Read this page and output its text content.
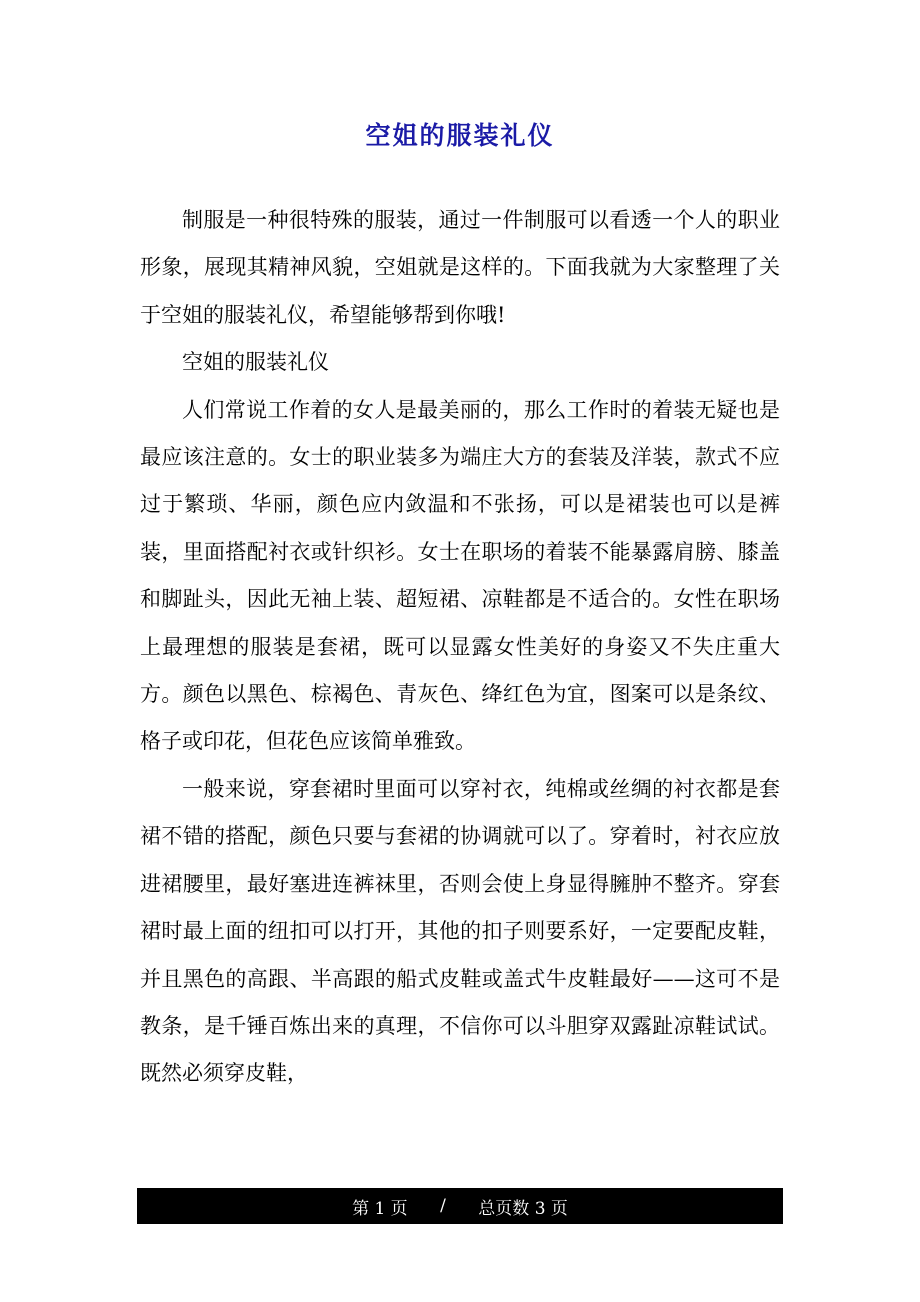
空姐的服装礼仪

制服是一种很特殊的服装，通过一件制服可以看透一个人的职业形象，展现其精神风貌，空姐就是这样的。下面我就为大家整理了关于空姐的服装礼仪，希望能够帮到你哦!

空姐的服装礼仪

人们常说工作着的女人是最美丽的，那么工作时的着装无疑也是最应该注意的。女士的职业装多为端庄大方的套装及洋装，款式不应过于繁琐、华丽，颜色应内敛温和不张扬，可以是裙装也可以是裤装，里面搭配衬衣或针织衫。女士在职场的着装不能暴露肩膀、膝盖和脚趾头，因此无袖上装、超短裙、凉鞋都是不适合的。女性在职场上最理想的服装是套裙，既可以显露女性美好的身姿又不失庄重大方。颜色以黑色、棕褐色、青灰色、绛红色为宜，图案可以是条纹、格子或印花，但花色应该简单雅致。

一般来说，穿套裙时里面可以穿衬衣，纯棉或丝绸的衬衣都是套裙不错的搭配，颜色只要与套裙的协调就可以了。穿着时，衬衣应放进裙腰里，最好塞进连裤袜里，否则会使上身显得臃肿不整齐。穿套裙时最上面的纽扣可以打开，其他的扣子则要系好，一定要配皮鞋，并且黑色的高跟、半高跟的船式皮鞋或盖式牛皮鞋最好——这可不是教条，是千锤百炼出来的真理，不信你可以斗胆穿双露趾凉鞋试试。既然必须穿皮鞋，

第 1 页
/
总页数 3 页
